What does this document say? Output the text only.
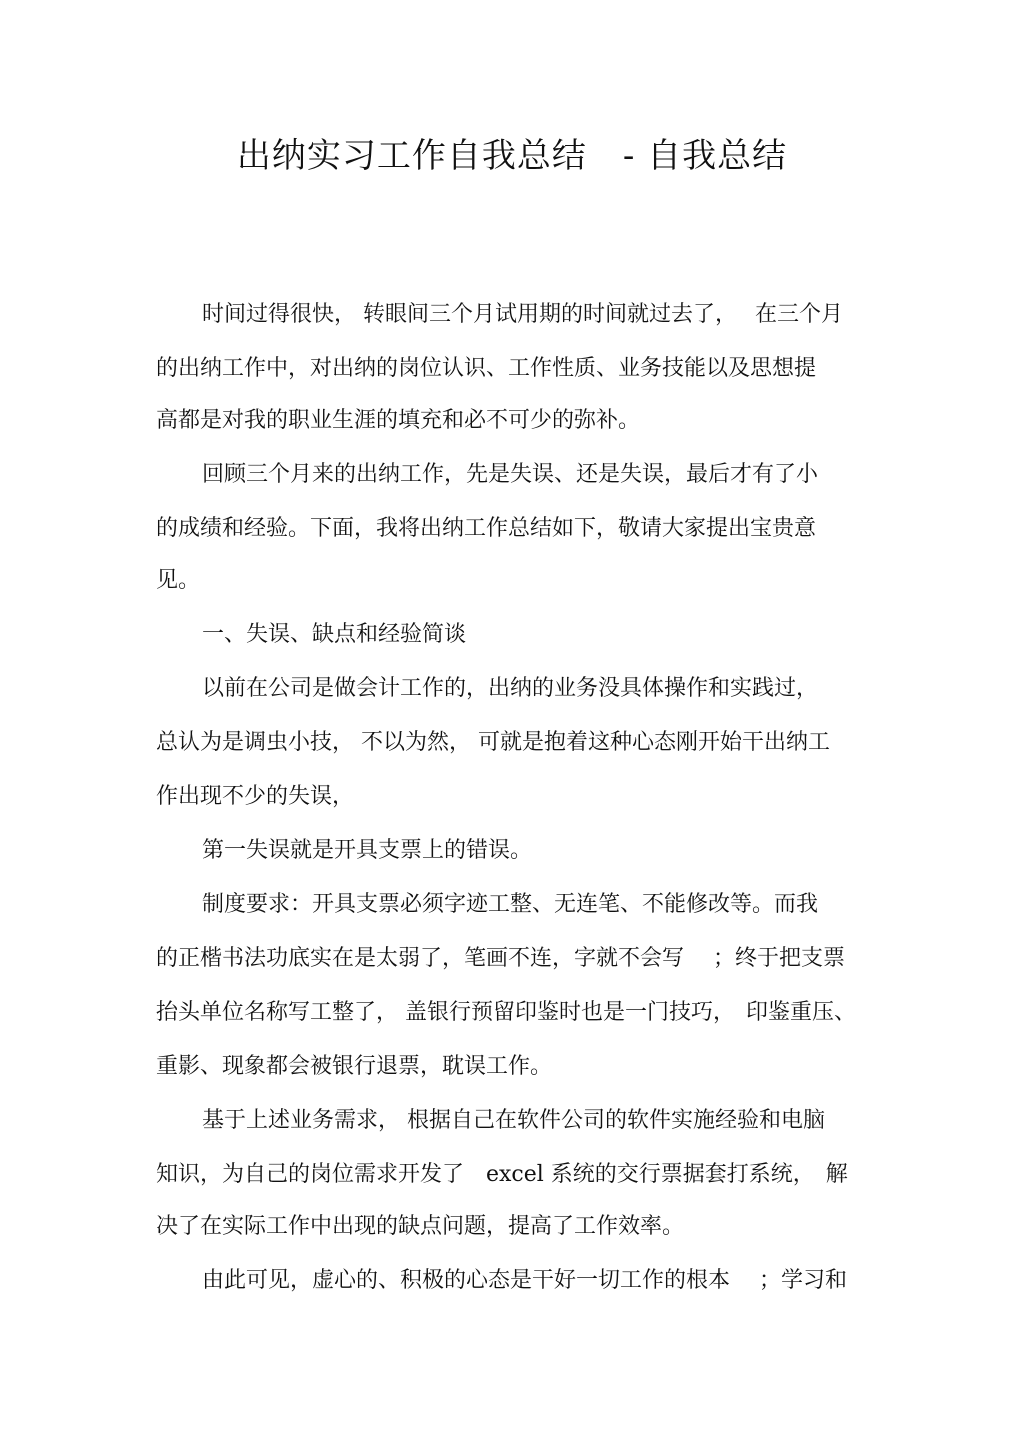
出纳实习工作自我总结 - 自我总结
时间过得很快， 转眼间三个月试用期的时间就过去了，　 在三个月
的出纳工作中，对出纳的岗位认识、工作性质、业务技能以及思想提
高都是对我的职业生涯的填充和必不可少的弥补。
回顾三个月来的出纳工作，先是失误、还是失误，最后才有了小
的成绩和经验。下面，我将出纳工作总结如下，敬请大家提出宝贵意
见。
一、失误、缺点和经验简谈
以前在公司是做会计工作的，出纳的业务没具体操作和实践过，
总认为是调虫小技， 不以为然， 可就是抱着这种心态刚开始干出纳工
作出现不少的失误，
第一失误就是开具支票上的错误。
制度要求：开具支票必须字迹工整、无连笔、不能修改等。而我
的正楷书法功底实在是太弱了，笔画不连，字就不会写　 ；终于把支票
抬头单位名称写工整了， 盖银行预留印鉴时也是一门技巧，　印鉴重压、
重影、现象都会被银行退票，耽误工作。
基于上述业务需求， 根据自己在软件公司的软件实施经验和电脑
知识，为自己的岗位需求开发了　excel 系统的交行票据套打系统，　解
决了在实际工作中出现的缺点问题，提高了工作效率。
由此可见，虚心的、积极的心态是干好一切工作的根本　 ；学习和
